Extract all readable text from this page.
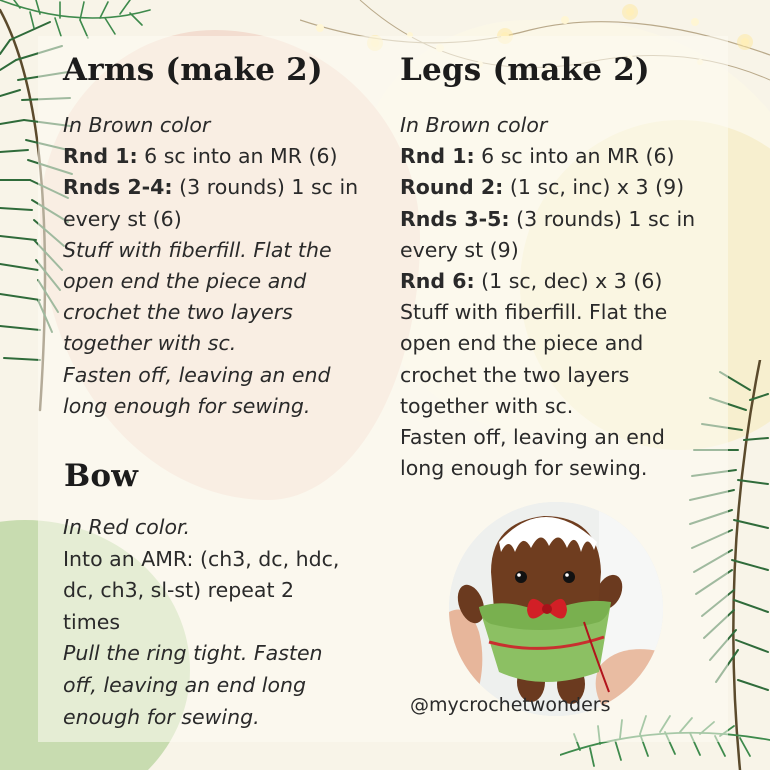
Arms (make 2) Legs (make 2)
Bow
In Brown color
Rnd 1: 6 sc into an MR (6)
Rnds 2-4: (3 rounds) 1 sc in
every st (6)
Stuff with fiberfill. Flat the
open end the piece and
crochet the two layers
together with sc.
Fasten off, leaving an end
long enough for sewing.
In Brown color
Rnd 1: 6 sc into an MR (6)
Round 2: (1 sc, inc) x 3 (9)
Rnds 3-5: (3 rounds) 1 sc in
every st (9)
Rnd 6: (1 sc, dec) x 3 (6)
Stuff with fiberfill. Flat the
open end the piece and
crochet the two layers
together with sc.
Fasten off, leaving an end
long enough for sewing.
In Red color.
Into an AMR: (ch3, dc, hdc,
dc, ch3, sl-st) repeat 2
times
Pull the ring tight. Fasten
off, leaving an end long
enough for sewing.	@mycrochetwonders
